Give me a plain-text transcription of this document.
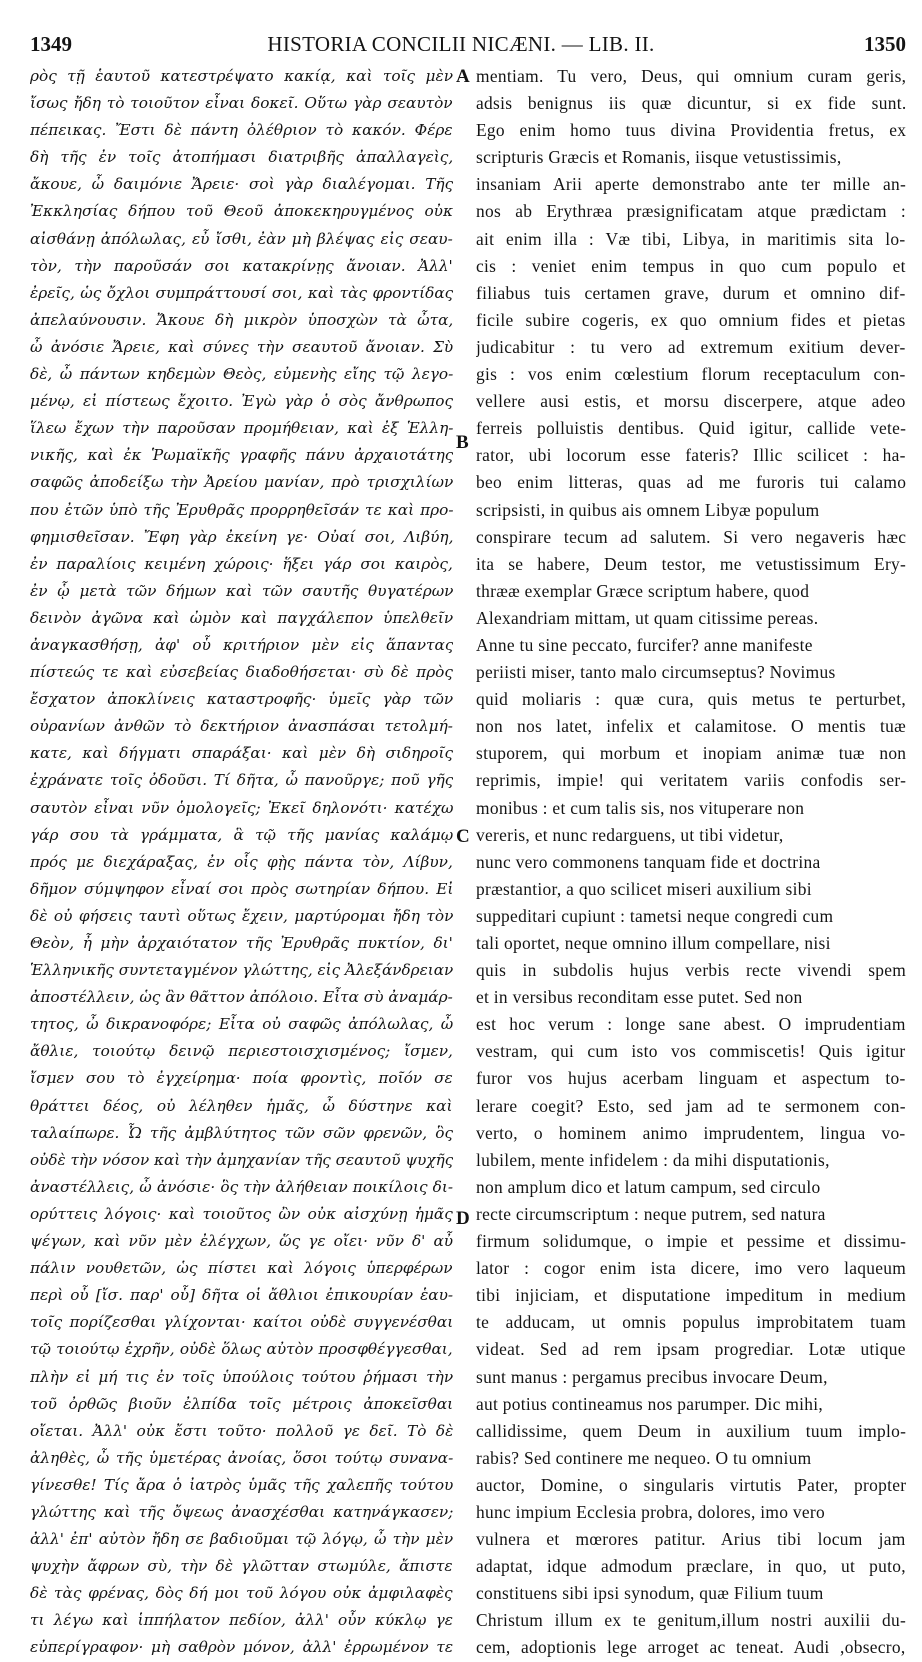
1349	HISTORIA CONCILII NICÆNI. — LIB. II.	1350
ρὸς τῇ ἑαυτοῦ κατεστρέψατο κακίᾳ, καὶ τοῖς μὲν
ἴσως ἤδη τὸ τοιοῦτον εἶναι δοκεῖ. Οὕτω γὰρ σεαυτὸν
πέπεικας. Ἔστι δὲ πάντη ὀλέθριον τὸ κακόν. Φέρε
δὴ τῆς ἐν τοῖς ἀτοπήμασι διατριβῆς ἀπαλλαγεὶς,
ἄκουε, ὦ δαιμόνιε Ἄρειε· σοὶ γὰρ διαλέγομαι. Τῆς
Ἐκκλησίας δήπου τοῦ Θεοῦ ἀποκεκηρυγμένος οὐκ
αἰσθάνῃ ἀπόλωλας, εὖ ἴσθι, ἐὰν μὴ βλέψας εἰς σεαυ-
τὸν, τὴν παροῦσάν σοι κατακρίνῃς ἄνοιαν. Ἀλλ'
ἐρεῖς, ὡς ὄχλοι συμπράττουσί σοι, καὶ τὰς φροντίδας
ἀπελαύνουσιν. Ἄκουε δὴ μικρὸν ὑποσχὼν τὰ ὦτα,
ὦ ἀνόσιε Ἄρειε, καὶ σύνες τὴν σεαυτοῦ ἄνοιαν. Σὺ
δὲ, ὦ πάντων κηδεμὼν Θεὸς, εὐμενὴς εἴης τῷ λεγο-
μένῳ, εἰ πίστεως ἔχοιτο. Ἐγὼ γὰρ ὁ σὸς ἄνθρωπος
ἵλεω ἔχων τὴν παροῦσαν προμήθειαν, καὶ ἐξ Ἑλλη-
νικῆς, καὶ ἐκ Ῥωμαϊκῆς γραφῆς πάνυ ἀρχαιοτάτης
σαφῶς ἀποδείξω τὴν Ἀρείου μανίαν, πρὸ τρισχιλίων
που ἐτῶν ὑπὸ τῆς Ἐρυθρᾶς προρρηθεῖσάν τε καὶ προ-
φημισθεῖσαν. Ἔφη γὰρ ἐκείνη γε· Οὐαί σοι, Λιβύη,
ἐν παραλίοις κειμένη χώροις· ἥξει γάρ σοι καιρὸς,
ἐν ᾧ μετὰ τῶν δήμων καὶ τῶν σαυτῆς θυγατέρων
δεινὸν ἀγῶνα καὶ ὠμὸν καὶ παγχάλεπον ὑπελθεῖν
ἀναγκασθήσῃ, ἀφ' οὗ κριτήριον μὲν εἰς ἅπαντας
πίστεώς τε καὶ εὐσεβείας διαδοθήσεται· σὺ δὲ πρὸς
ἔσχατον ἀποκλίνεις καταστροφῆς· ὑμεῖς γὰρ τῶν
οὐρανίων ἀνθῶν τὸ δεκτήριον ἀνασπάσαι τετολμή-
κατε, καὶ δήγματι σπαράξαι· καὶ μὲν δὴ σιδηροῖς
ἐχράνατε τοῖς ὀδοῦσι. Τί δῆτα, ὦ πανοῦργε; ποῦ γῆς
σαυτὸν εἶναι νῦν ὁμολογεῖς; Ἐκεῖ δηλονότι· κατέχω
γάρ σου τὰ γράμματα, ἃ τῷ τῆς μανίας καλάμῳ
πρός με διεχάραξας, ἐν οἷς φῂς πάντα τὸν, Λίβυν,
δῆμον σύμψηφον εἶναί σοι πρὸς σωτηρίαν δήπου. Εἰ
δὲ οὐ φήσεις ταυτὶ οὕτως ἔχειν, μαρτύρομαι ἤδη τὸν
Θεὸν, ἦ μὴν ἀρχαιότατον τῆς Ἐρυθρᾶς πυκτίον, δι'
Ἑλληνικῆς συντεταγμένον γλώττης, εἰς Ἀλεξάνδρειαν
ἀποστέλλειν, ὡς ἂν θᾶττον ἀπόλοιο. Εἶτα σὺ ἀναμάρ-
τητος, ὦ δικρανοφόρε; Εἶτα οὐ σαφῶς ἀπόλωλας, ὦ
ἄθλιε, τοιούτῳ δεινῷ περιεστοισχισμένος; ἴσμεν,
ἴσμεν σου τὸ ἐγχείρημα· ποία φροντὶς, ποῖόν σε
θράττει δέος, οὐ λέληθεν ἡμᾶς, ὦ δύστηνε καὶ
ταλαίπωρε. Ὦ τῆς ἀμβλύτητος τῶν σῶν φρενῶν, ὃς
οὐδὲ τὴν νόσον καὶ τὴν ἀμηχανίαν τῆς σεαυτοῦ ψυχῆς
ἀναστέλλεις, ὦ ἀνόσιε· ὃς τὴν ἀλήθειαν ποικίλοις δι-
ορύττεις λόγοις· καὶ τοιοῦτος ὢν οὐκ αἰσχύνῃ ἡμᾶς
ψέγων, καὶ νῦν μὲν ἐλέγχων, ὥς γε οἴει· νῦν δ' αὖ
πάλιν νουθετῶν, ὡς πίστει καὶ λόγοις ὑπερφέρων
περὶ οὗ [ἴσ. παρ' οὗ] δῆτα οἱ ἄθλιοι ἐπικουρίαν ἑαυ-
τοῖς πορίζεσθαι γλίχονται· καίτοι οὐδὲ συγγενέσθαι
τῷ τοιούτῳ ἐχρῆν, οὐδὲ ὅλως αὐτὸν προσφθέγγεσθαι,
πλὴν εἰ μή τις ἐν τοῖς ὑπούλοις τούτου ῥήμασι τὴν
τοῦ ὀρθῶς βιοῦν ἐλπίδα τοῖς μέτροις ἀποκεῖσθαι
οἴεται. Ἀλλ' οὐκ ἔστι τοῦτο· πολλοῦ γε δεῖ. Τὸ δὲ
ἀληθὲς, ὦ τῆς ὑμετέρας ἀνοίας, ὅσοι τούτῳ συνανα-
γίνεσθε! Τίς ἄρα ὁ ἰατρὸς ὑμᾶς τῆς χαλεπῆς τούτου
γλώττης καὶ τῆς ὄψεως ἀνασχέσθαι κατηνάγκασεν;
ἀλλ' ἐπ' αὐτὸν ἤδη σε βαδιοῦμαι τῷ λόγῳ, ὦ τὴν μὲν
ψυχὴν ἄφρων σὺ, τὴν δὲ γλῶτταν στωμύλε, ἄπιστε
δὲ τὰς φρένας, δὸς δή μοι τοῦ λόγου οὐκ ἀμφιλαφὲς
τι λέγω καὶ ἱππήλατον πεδίον, ἀλλ' οὖν κύκλῳ γε
εὐπερίγραφον· μὴ σαθρὸν μόνον, ἀλλ' ἐρρωμένον τε
mentiam. Tu vero, Deus, qui omnium curam geris,
adsis benignus iis quæ dicuntur, si ex fide sunt.
Ego enim homo tuus divina Providentia fretus, ex
scripturis Græcis et Romanis, iisque vetustissimis,
insaniam Arii aperte demonstrabo ante ter mille an-
nos ab Erythræa præsignificatam atque prædictam :
ait enim illa : Væ tibi, Libya, in maritimis sita lo-
cis : veniet enim tempus in quo cum populo et
filiabus tuis certamen grave, durum et omnino dif-
ficile subire cogeris, ex quo omnium fides et pietas
judicabitur : tu vero ad extremum exitium dever-
gis : vos enim cœlestium florum receptaculum con-
vellere ausi estis, et morsu discerpere, atque adeo
ferreis polluistis dentibus. Quid igitur, callide vete-
rator, ubi locorum esse fateris? Illic scilicet : ha-
beo enim litteras, quas ad me furoris tui calamo
scripsisti, in quibus ais omnem Libyæ populum
conspirare tecum ad salutem. Si vero negaveris hæc
ita se habere, Deum testor, me vetustissimum Ery-
thrææ exemplar Græce scriptum habere, quod
Alexandriam mittam, ut quam citissime pereas.
Anne tu sine peccato, furcifer? anne manifeste
periisti miser, tanto malo circumseptus? Novimus
quid moliaris : quæ cura, quis metus te perturbet,
non nos latet, infelix et calamitose. O mentis tuæ
stuporem, qui morbum et inopiam animæ tuæ non
reprimis, impie! qui veritatem variis confodis ser-
monibus : et cum talis sis, nos vituperare non
vereris, et nunc redarguens, ut tibi videtur,
nunc vero commonens tanquam fide et doctrina
præstantior, a quo scilicet miseri auxilium sibi
suppeditari cupiunt : tametsi neque congredi cum
tali oportet, neque omnino illum compellare, nisi
quis in subdolis hujus verbis recte vivendi spem
et in versibus reconditam esse putet. Sed non
est hoc verum : longe sane abest. O imprudentiam
vestram, qui cum isto vos commiscetis! Quis igitur
furor vos hujus acerbam linguam et aspectum to-
lerare coegit? Esto, sed jam ad te sermonem con-
verto, o hominem animo imprudentem, lingua vo-
lubilem, mente infidelem : da mihi disputationis,
non amplum dico et latum campum, sed circulo
recte circumscriptum : neque putrem, sed natura
firmum solidumque, o impie et pessime et dissimu-
lator : cogor enim ista dicere, imo vero laqueum
tibi injiciam, et disputatione impeditum in medium
te adducam, ut omnis populus improbitatem tuam
videat. Sed ad rem ipsam progrediar. Lotæ utique
sunt manus : pergamus precibus invocare Deum,
aut potius contineamus nos parumper. Dic mihi,
callidissime, quem Deum in auxilium tuum implo-
rabis? Sed continere me nequeo. O tu omnium
auctor, Domine, o singularis virtutis Pater, propter
hunc impium Ecclesia probra, dolores, imo vero
vulnera et mœrores patitur. Arius tibi locum jam
adaptat, idque admodum præclare, in quo, ut puto,
constituens sibi ipsi synodum, quæ Filium tuum
Christum illum ex te genitum,illum nostri auxilii du-
cem, adoptionis lege arroget ac teneat. Audi ,obsecro,
A
B
C
D
